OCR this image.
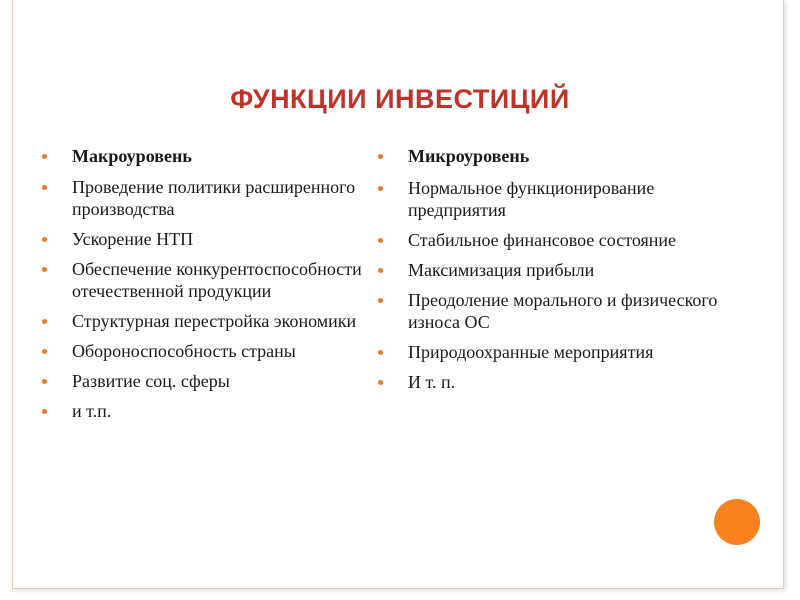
ФУНКЦИИ ИНВЕСТИЦИЙ
Макроуровень
Проведение политики расширенного производства
Ускорение НТП
Обеспечение конкурентоспособности отечественной продукции
Структурная перестройка экономики
Обороноспособность страны
Развитие соц. сферы
и т.п.
Микроуровень
Нормальное функционирование предприятия
Стабильное финансовое состояние
Максимизация прибыли
Преодоление морального и физического износа ОС
Природоохранные мероприятия
И т. п.
